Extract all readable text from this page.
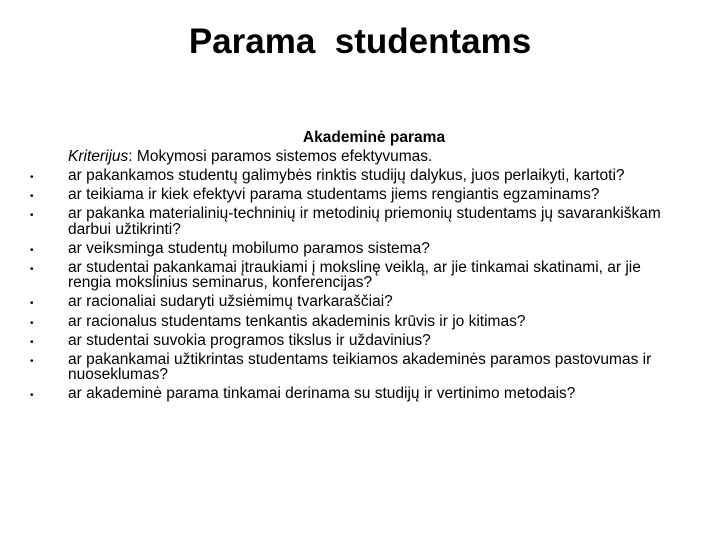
Parama  studentams
Akademinė parama
Kriterijus: Mokymosi paramos sistemos efektyvumas.
• ar pakankamos studentų galimybės rinktis studijų dalykus, juos perlaikyti, kartoti?
• ar teikiama ir kiek efektyvi parama studentams jiems rengiantis egzaminams?
• ar pakanka materialinių-techninių ir metodinių priemonių studentams jų savarankiškam darbui užtikrinti?
• ar veiksminga studentų mobilumo paramos sistema?
• ar studentai pakankamai įtraukiami į mokslinę veiklą, ar jie tinkamai skatinami, ar jie rengia mokslinius seminarus, konferencijas?
• ar racionaliai sudaryti užsiėmimų tvarkaraščiai?
• ar racionalus studentams tenkantis akademinis krūvis ir jo kitimas?
• ar studentai suvokia programos tikslus ir uždavinius?
• ar pakankamai užtikrintas studentams teikiamos akademinės paramos pastovumas ir nuoseklumas?
• ar akademinė parama tinkamai derinama su studijų ir vertinimo metodais?
